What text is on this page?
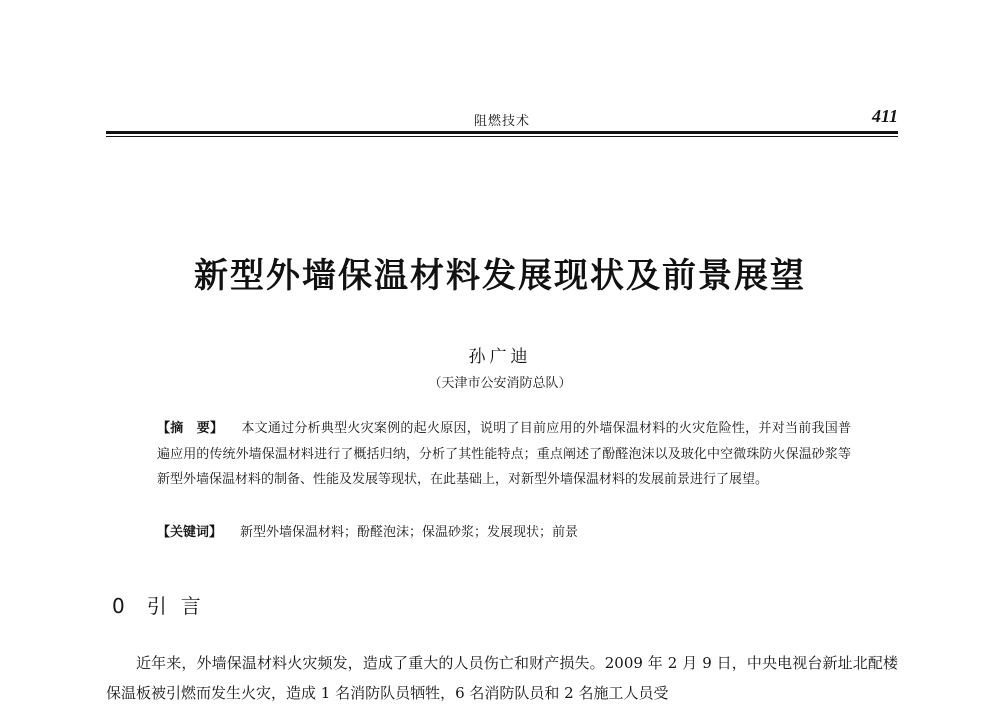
阻燃技术	411
新型外墙保温材料发展现状及前景展望
孙广迪
（天津市公安消防总队）
【摘　要】 本文通过分析典型火灾案例的起火原因，说明了目前应用的外墙保温材料的火灾危险性，并对当前我国普遍应用的传统外墙保温材料进行了概括归纳，分析了其性能特点；重点阐述了酚醛泡沫以及玻化中空微珠防火保温砂浆等新型外墙保温材料的制备、性能及发展等现状，在此基础上，对新型外墙保温材料的发展前景进行了展望。
【关键词】 新型外墙保温材料；酚醛泡沫；保温砂浆；发展现状；前景
0 引言
近年来，外墙保温材料火灾频发，造成了重大的人员伤亡和财产损失。2009 年 2 月 9 日，中央电视台新址北配楼保温板被引燃而发生火灾，造成 1 名消防队员牺牲，6 名消防队员和 2 名施工人员受
